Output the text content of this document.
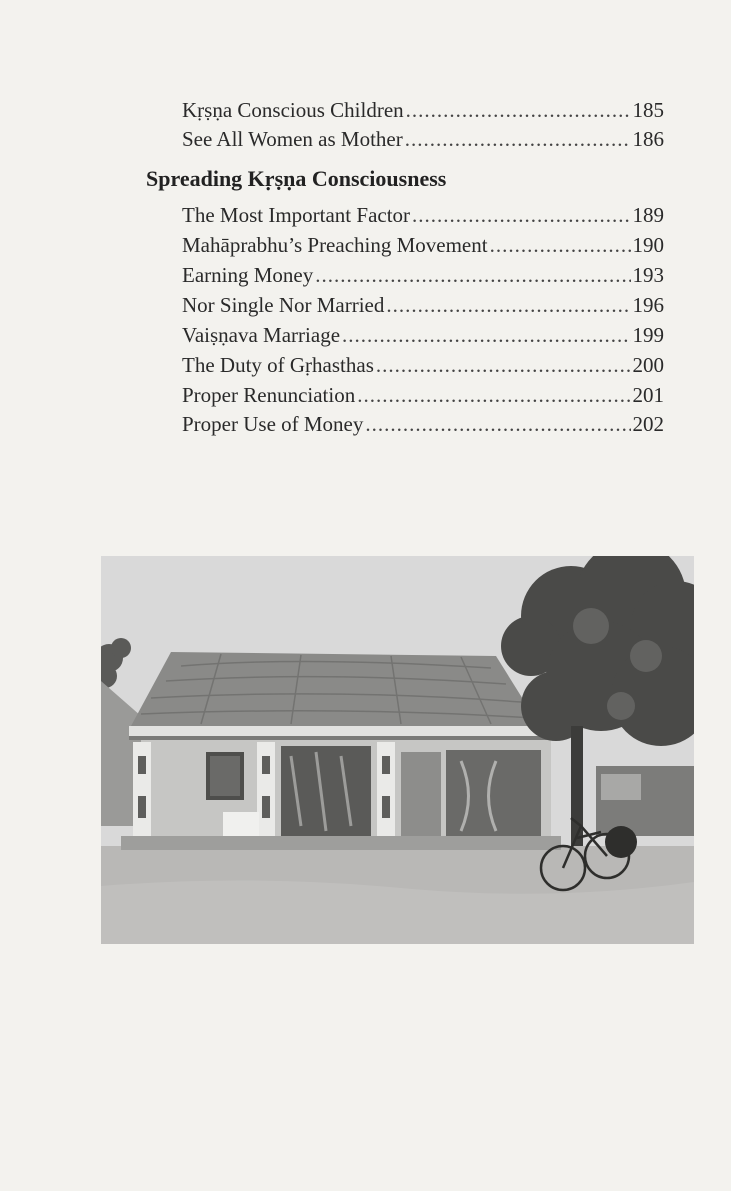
Kṛṣṇa Conscious Children .....	185
See All Women as Mother .....	186
Spreading Kṛṣṇa Consciousness
The Most Important Factor .....	189
Mahāprabhu’s Preaching Movement .....	190
Earning Money .....	193
Nor Single Nor Married .....	196
Vaiṣṇava Marriage .....	199
The Duty of Gṛhasthas .....	200
Proper Renunciation .....	201
Proper Use of Money .....	202
